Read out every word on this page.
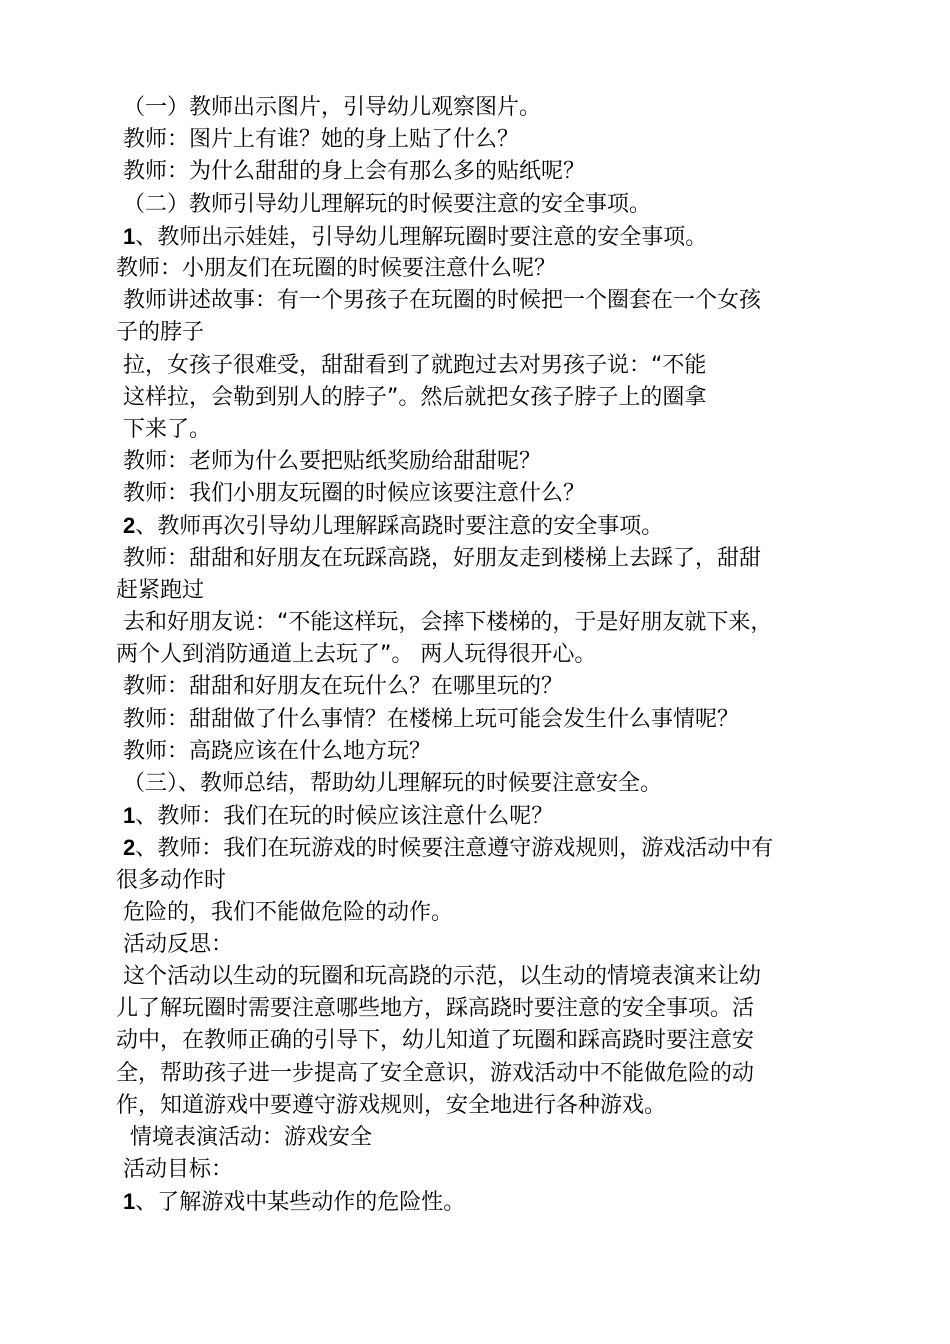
（一）教师出示图片，引导幼儿观察图片。
教师：图片上有谁？她的身上贴了什么？
教师：为什么甜甜的身上会有那么多的贴纸呢？
（二）教师引导幼儿理解玩的时候要注意的安全事项。
1、教师出示娃娃，引导幼儿理解玩圈时要注意的安全事项。
教师：小朋友们在玩圈的时候要注意什么呢？
教师讲述故事：有一个男孩子在玩圈的时候把一个圈套在一个女孩
子的脖子
拉，女孩子很难受，甜甜看到了就跑过去对男孩子说：“不能
这样拉，会勒到别人的脖子”。然后就把女孩子脖子上的圈拿
下来了。
教师：老师为什么要把贴纸奖励给甜甜呢？
教师：我们小朋友玩圈的时候应该要注意什么？
2、教师再次引导幼儿理解踩高跷时要注意的安全事项。
教师：甜甜和好朋友在玩踩高跷，好朋友走到楼梯上去踩了，甜甜
赶紧跑过
去和好朋友说：“不能这样玩，会摔下楼梯的，于是好朋友就下来，
两个人到消防通道上去玩了”。 两人玩得很开心。
教师：甜甜和好朋友在玩什么？在哪里玩的？
教师：甜甜做了什么事情？在楼梯上玩可能会发生什么事情呢？
教师：高跷应该在什么地方玩？
（三）、教师总结，帮助幼儿理解玩的时候要注意安全。
1、教师：我们在玩的时候应该注意什么呢？
2、教师：我们在玩游戏的时候要注意遵守游戏规则，游戏活动中有
很多动作时
危险的，我们不能做危险的动作。
活动反思：
这个活动以生动的玩圈和玩高跷的示范，以生动的情境表演来让幼
儿了解玩圈时需要注意哪些地方，踩高跷时要注意的安全事项。活
动中，在教师正确的引导下，幼儿知道了玩圈和踩高跷时要注意安
全，帮助孩子进一步提高了安全意识，游戏活动中不能做危险的动
作，知道游戏中要遵守游戏规则，安全地进行各种游戏。
情境表演活动：游戏安全
活动目标：
1、了解游戏中某些动作的危险性。
